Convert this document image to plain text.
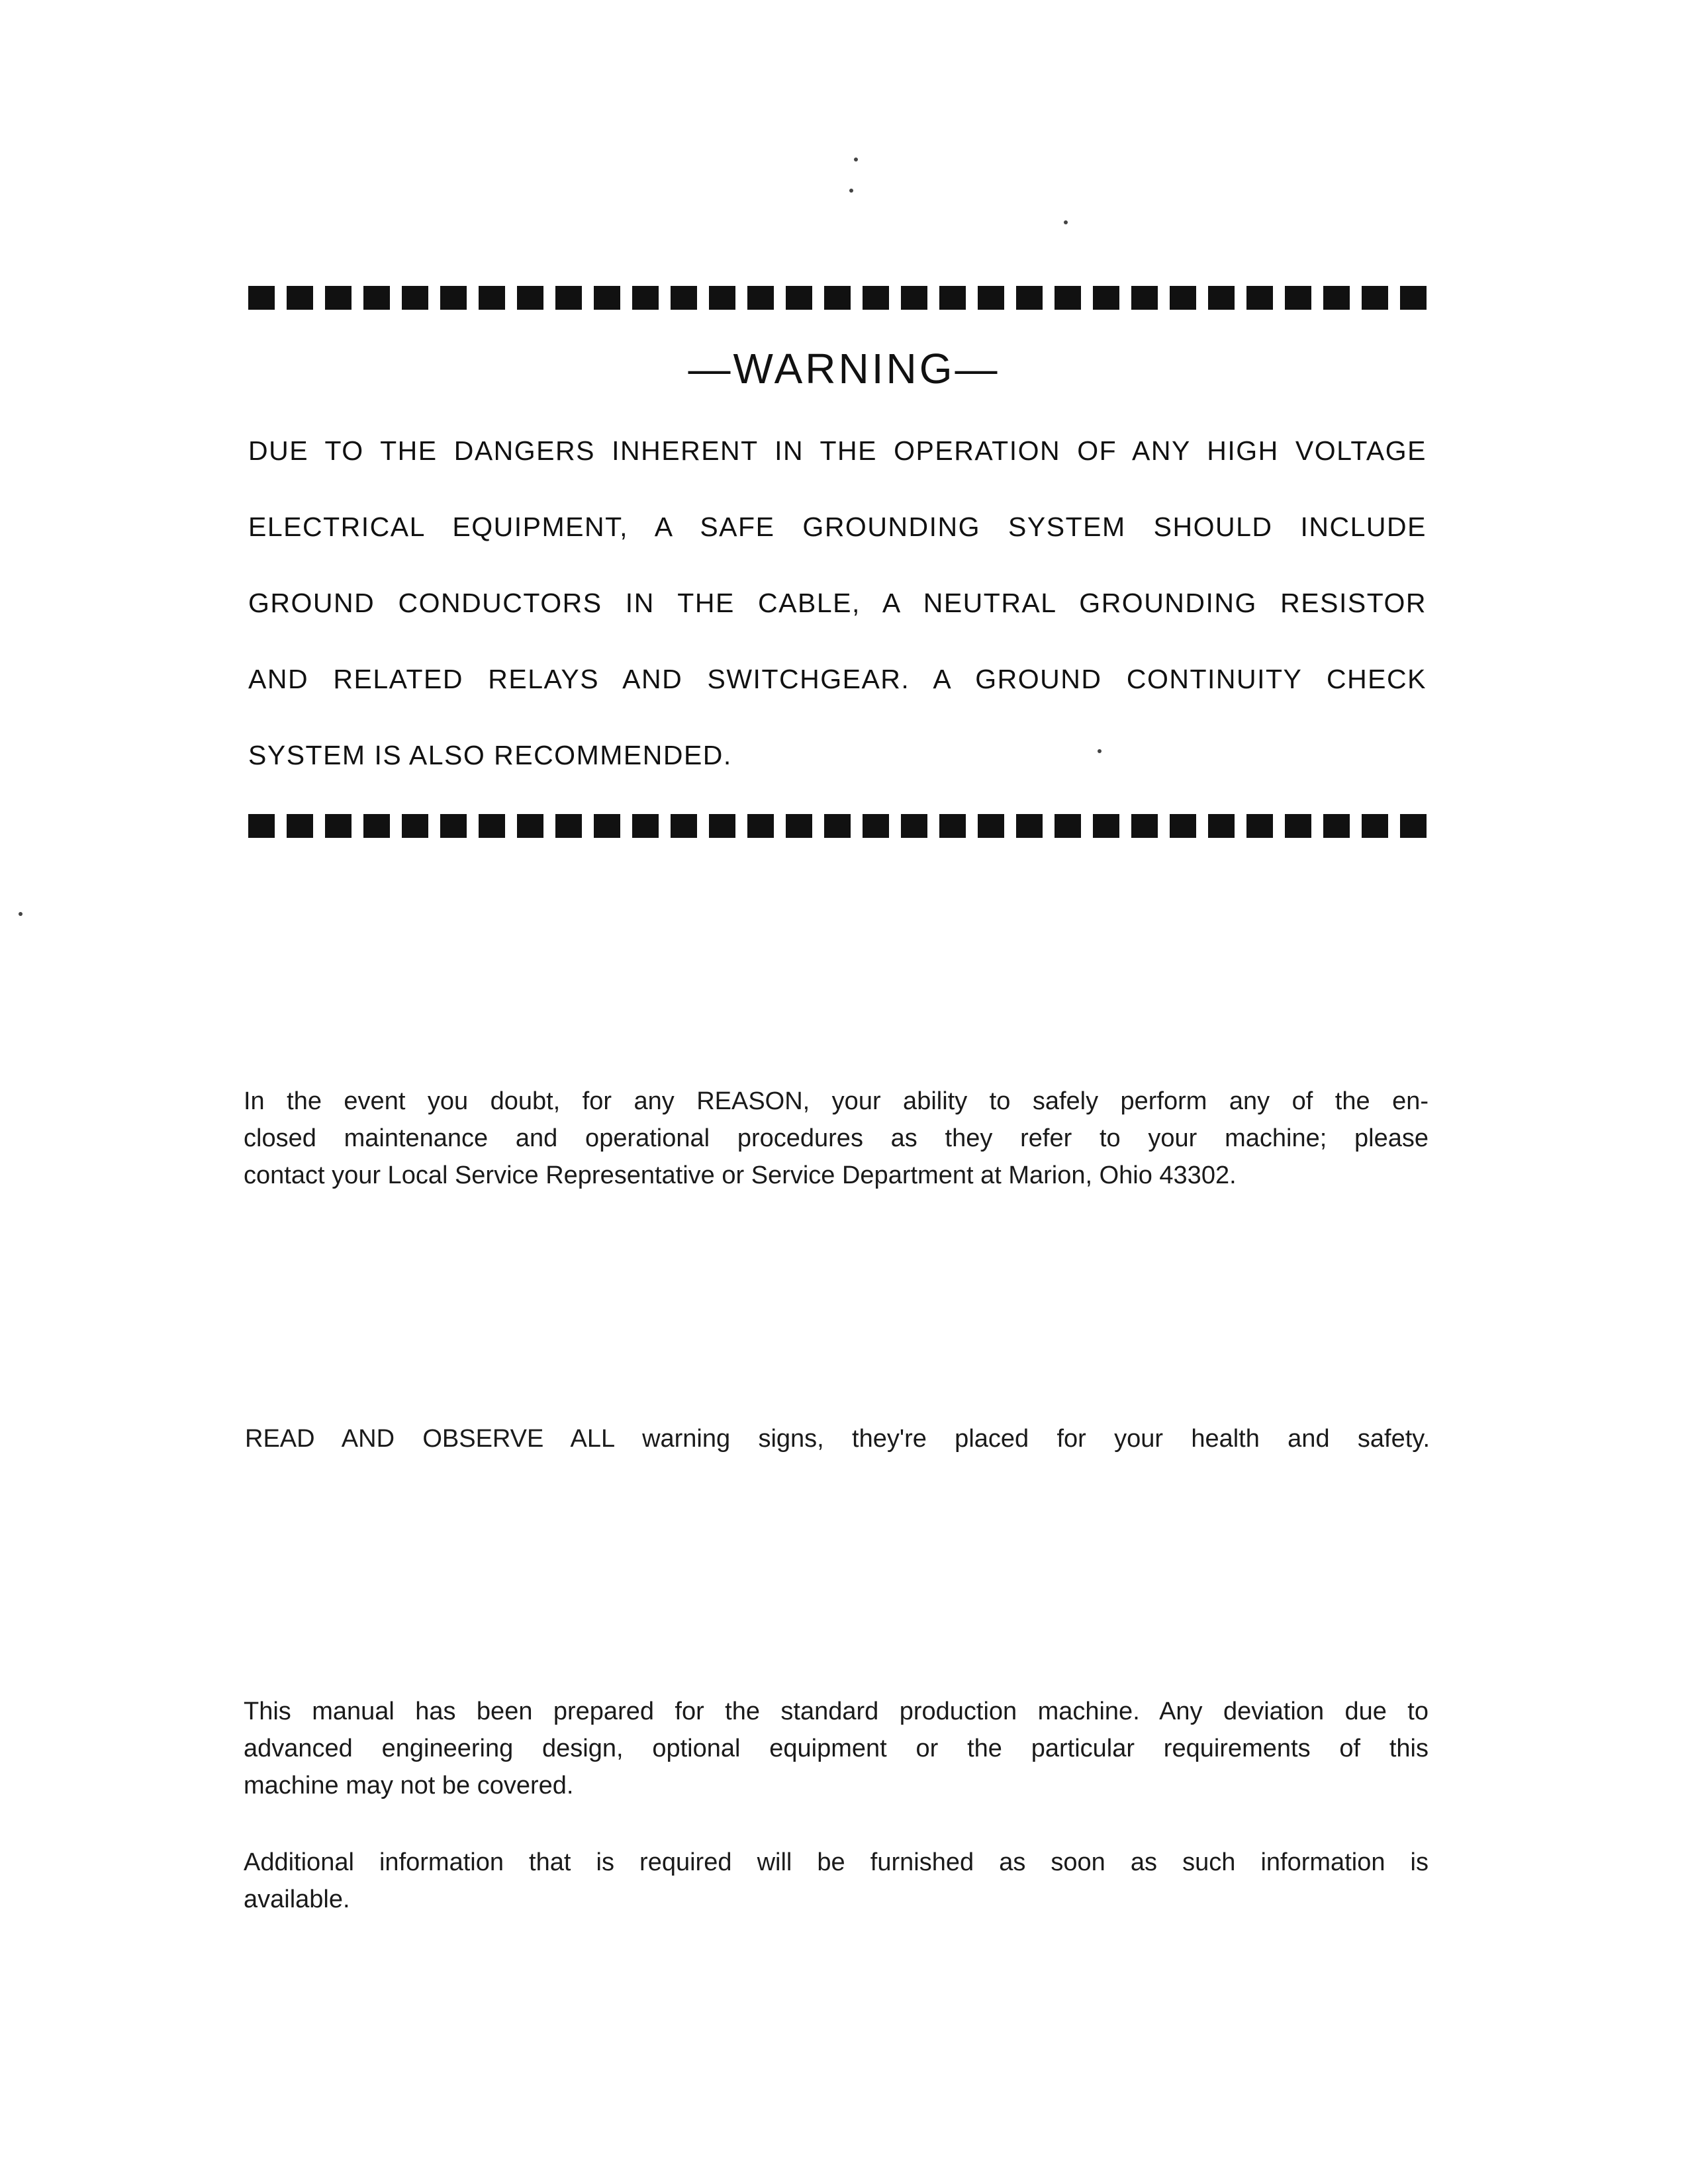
—WARNING—
DUE TO THE DANGERS INHERENT IN THE OPERATION OF ANY HIGH VOLTAGE
ELECTRICAL EQUIPMENT, A SAFE GROUNDING SYSTEM SHOULD INCLUDE
GROUND CONDUCTORS IN THE CABLE, A NEUTRAL GROUNDING RESISTOR
AND RELATED RELAYS AND SWITCHGEAR. A GROUND CONTINUITY CHECK
SYSTEM IS ALSO RECOMMENDED.
In the event you doubt, for any REASON, your ability to safely perform any of the en-
closed maintenance and operational procedures as they refer to your machine; please
contact your Local Service Representative or Service Department at Marion, Ohio 43302.
READ AND OBSERVE ALL warning signs, they're placed for your health and safety.
This manual has been prepared for the standard production machine. Any deviation due to
advanced engineering design, optional equipment or the particular requirements of this
machine may not be covered.
Additional information that is required will be furnished as soon as such information is
available.
